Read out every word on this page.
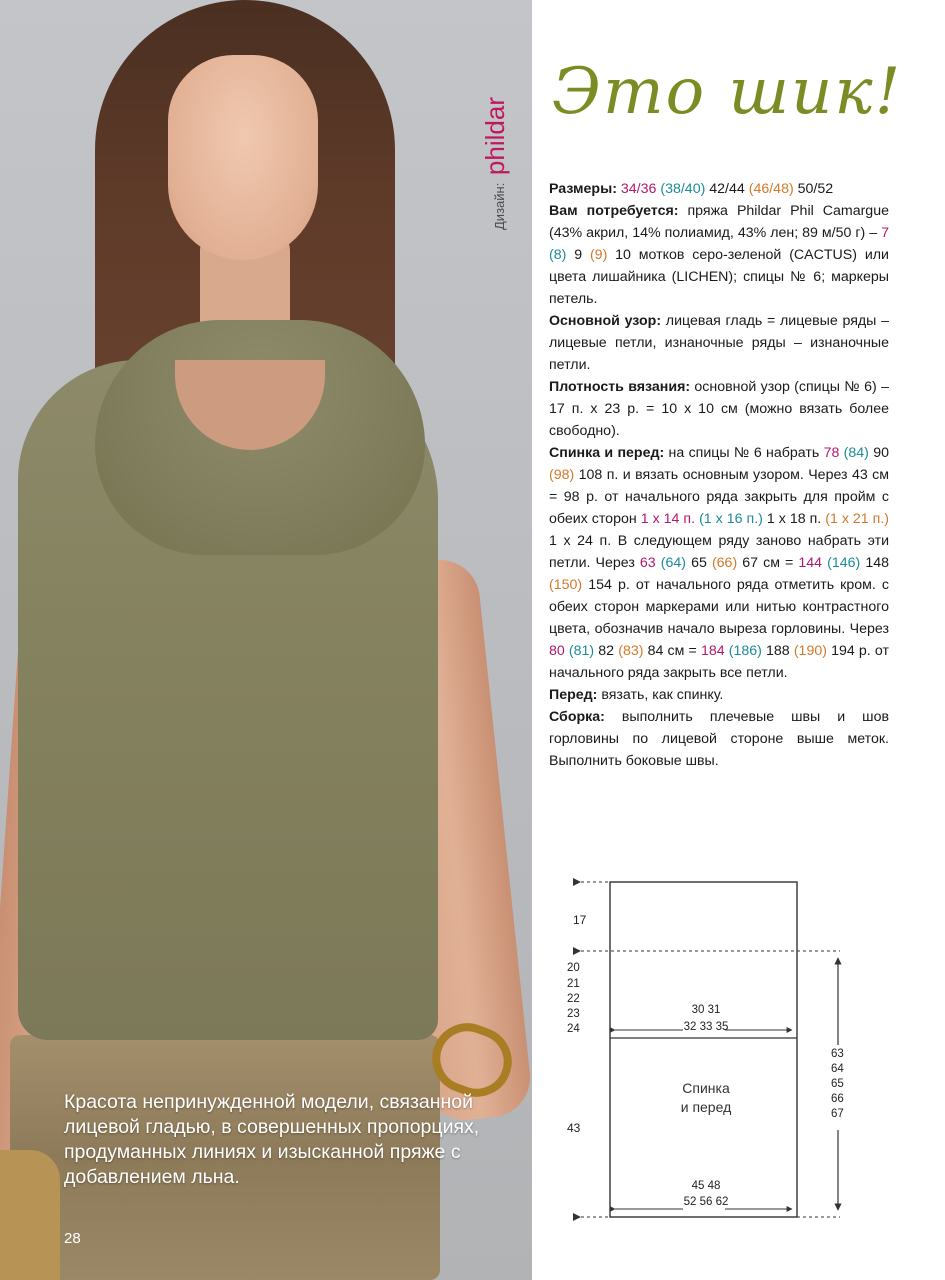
Красота непринужденной модели, связанной лицевой гладью, в совершенных пропорциях, продуманных линиях и изысканной пряже с добавлением льна.
28
Дизайн: phildar
Это шик!

Размеры: 34/36 (38/40) 42/44 (46/48) 50/52

Вам потребуется: пряжа Phildar Phil Camargue (43% акрил, 14% полиамид, 43% лен; 89 м/50 г) – 7 (8) 9 (9) 10 мотков серо-зеленой (CACTUS) или цвета лишайника (LICHEN); спицы № 6; маркеры петель.

Основной узор: лицевая гладь = лицевые ряды – лицевые петли, изнаночные ряды – изнаночные петли.

Плотность вязания: основной узор (спицы № 6) – 17 п. х 23 р. = 10 х 10 см (можно вязать более свободно).

Спинка и перед: на спицы № 6 набрать 78 (84) 90 (98) 108 п. и вязать основным узором. Через 43 см = 98 р. от начального ряда закрыть для пройм с обеих сторон 1 х 14 п. (1 х 16 п.) 1 х 18 п. (1 х 21 п.) 1 х 24 п. В следующем ряду заново набрать эти петли. Через 63 (64) 65 (66) 67 см = 144 (146) 148 (150) 154 р. от начального ряда отметить кром. с обеих сторон маркерами или нитью контрастного цвета, обозначив начало выреза горловины. Через 80 (81) 82 (83) 84 см = 184 (186) 188 (190) 194 р. от начального ряда закрыть все петли.

Перед: вязать, как спинку.

Сборка: выполнить плечевые швы и шов горловины по лицевой стороне выше меток. Выполнить боковые швы.

17
20
21
22
23
24
43
30 31
32 33 35
Спинка
и перед
45 48
52 56 62
63
64
65
66
67
